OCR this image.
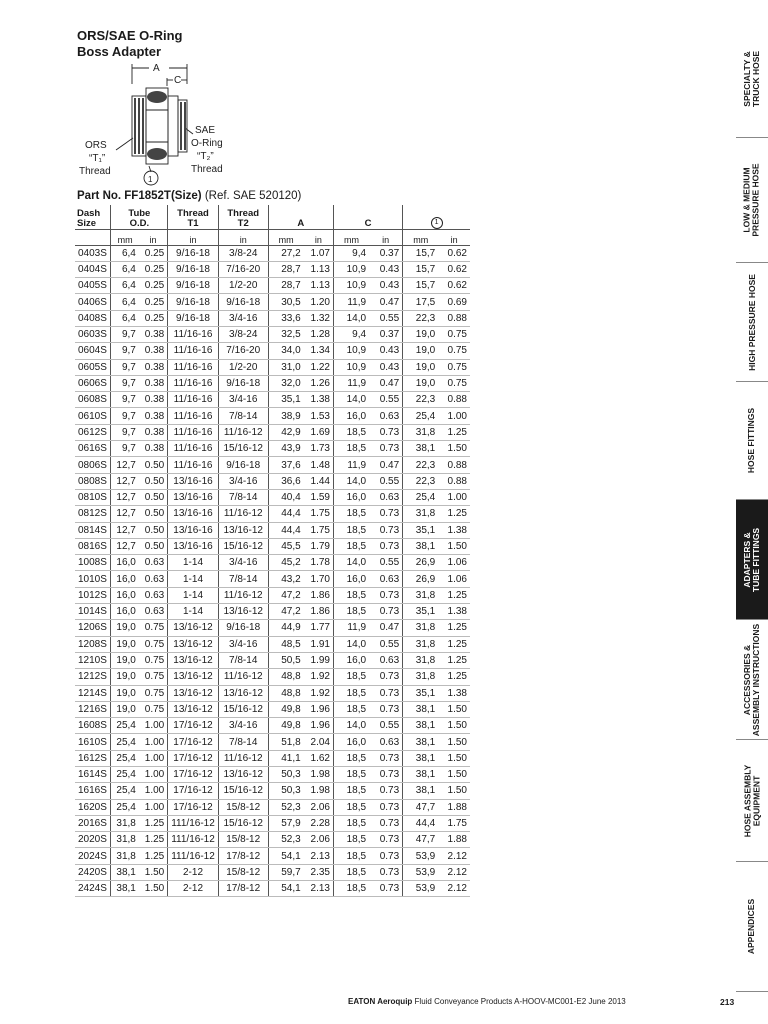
ORS/SAE O-Ring
Boss Adapter
A
C
ORS
“T₁”
Thread
SAE
O-Ring
“T₂”
Thread
1
Part No. FF1852T(Size) (Ref. SAE 520120)
Dash
Size	Tube
O.D.		Thread
T1	Thread
T2	A		C		1	
	mm	in	in	in	mm	in	mm	in	mm	in
0403S	6,4	0.25	9/16-18	3/8-24	27,2	1.07	9,4	0.37	15,7	0.62
0404S	6,4	0.25	9/16-18	7/16-20	28,7	1.13	10,9	0.43	15,7	0.62
0405S	6,4	0.25	9/16-18	1/2-20	28,7	1.13	10,9	0.43	15,7	0.62
0406S	6,4	0.25	9/16-18	9/16-18	30,5	1.20	11,9	0.47	17,5	0.69
0408S	6,4	0.25	9/16-18	3/4-16	33,6	1.32	14,0	0.55	22,3	0.88
0603S	9,7	0.38	11/16-16	3/8-24	32,5	1.28	9,4	0.37	19,0	0.75
0604S	9,7	0.38	11/16-16	7/16-20	34,0	1.34	10,9	0.43	19,0	0.75
0605S	9,7	0.38	11/16-16	1/2-20	31,0	1.22	10,9	0.43	19,0	0.75
0606S	9,7	0.38	11/16-16	9/16-18	32,0	1.26	11,9	0.47	19,0	0.75
0608S	9,7	0.38	11/16-16	3/4-16	35,1	1.38	14,0	0.55	22,3	0.88
0610S	9,7	0.38	11/16-16	7/8-14	38,9	1.53	16,0	0.63	25,4	1.00
0612S	9,7	0.38	11/16-16	11/16-12	42,9	1.69	18,5	0.73	31,8	1.25
0616S	9,7	0.38	11/16-16	15/16-12	43,9	1.73	18,5	0.73	38,1	1.50
0806S	12,7	0.50	11/16-16	9/16-18	37,6	1.48	11,9	0.47	22,3	0.88
0808S	12,7	0.50	13/16-16	3/4-16	36,6	1.44	14,0	0.55	22,3	0.88
0810S	12,7	0.50	13/16-16	7/8-14	40,4	1.59	16,0	0.63	25,4	1.00
0812S	12,7	0.50	13/16-16	11/16-12	44,4	1.75	18,5	0.73	31,8	1.25
0814S	12,7	0.50	13/16-16	13/16-12	44,4	1.75	18,5	0.73	35,1	1.38
0816S	12,7	0.50	13/16-16	15/16-12	45,5	1.79	18,5	0.73	38,1	1.50
1008S	16,0	0.63	1-14	3/4-16	45,2	1.78	14,0	0.55	26,9	1.06
1010S	16,0	0.63	1-14	7/8-14	43,2	1.70	16,0	0.63	26,9	1.06
1012S	16,0	0.63	1-14	11/16-12	47,2	1.86	18,5	0.73	31,8	1.25
1014S	16,0	0.63	1-14	13/16-12	47,2	1.86	18,5	0.73	35,1	1.38
1206S	19,0	0.75	13/16-12	9/16-18	44,9	1.77	11,9	0.47	31,8	1.25
1208S	19,0	0.75	13/16-12	3/4-16	48,5	1.91	14,0	0.55	31,8	1.25
1210S	19,0	0.75	13/16-12	7/8-14	50,5	1.99	16,0	0.63	31,8	1.25
1212S	19,0	0.75	13/16-12	11/16-12	48,8	1.92	18,5	0.73	31,8	1.25
1214S	19,0	0.75	13/16-12	13/16-12	48,8	1.92	18,5	0.73	35,1	1.38
1216S	19,0	0.75	13/16-12	15/16-12	49,8	1.96	18,5	0.73	38,1	1.50
1608S	25,4	1.00	17/16-12	3/4-16	49,8	1.96	14,0	0.55	38,1	1.50
1610S	25,4	1.00	17/16-12	7/8-14	51,8	2.04	16,0	0.63	38,1	1.50
1612S	25,4	1.00	17/16-12	11/16-12	41,1	1.62	18,5	0.73	38,1	1.50
1614S	25,4	1.00	17/16-12	13/16-12	50,3	1.98	18,5	0.73	38,1	1.50
1616S	25,4	1.00	17/16-12	15/16-12	50,3	1.98	18,5	0.73	38,1	1.50
1620S	25,4	1.00	17/16-12	15/8-12	52,3	2.06	18,5	0.73	47,7	1.88
2016S	31,8	1.25	111/16-12	15/16-12	57,9	2.28	18,5	0.73	44,4	1.75
2020S	31,8	1.25	111/16-12	15/8-12	52,3	2.06	18,5	0.73	47,7	1.88
2024S	31,8	1.25	111/16-12	17/8-12	54,1	2.13	18,5	0.73	53,9	2.12
2420S	38,1	1.50	2-12	15/8-12	59,7	2.35	18,5	0.73	53,9	2.12
2424S	38,1	1.50	2-12	17/8-12	54,1	2.13	18,5	0.73	53,9	2.12
SPECIALTY &
TRUCK HOSE
LOW & MEDIUM
PRESSURE HOSE
HIGH PRESSURE HOSE
HOSE FITTINGS
ADAPTERS &
TUBE FITTINGS
ACCESSORIES &
ASSEMBLY INSTRUCTIONS
HOSE ASSEMBLY
EQUIPMENT
APPENDICES
EATON Aeroquip Fluid Conveyance Products A-HOOV-MC001-E2 June 2013	213
